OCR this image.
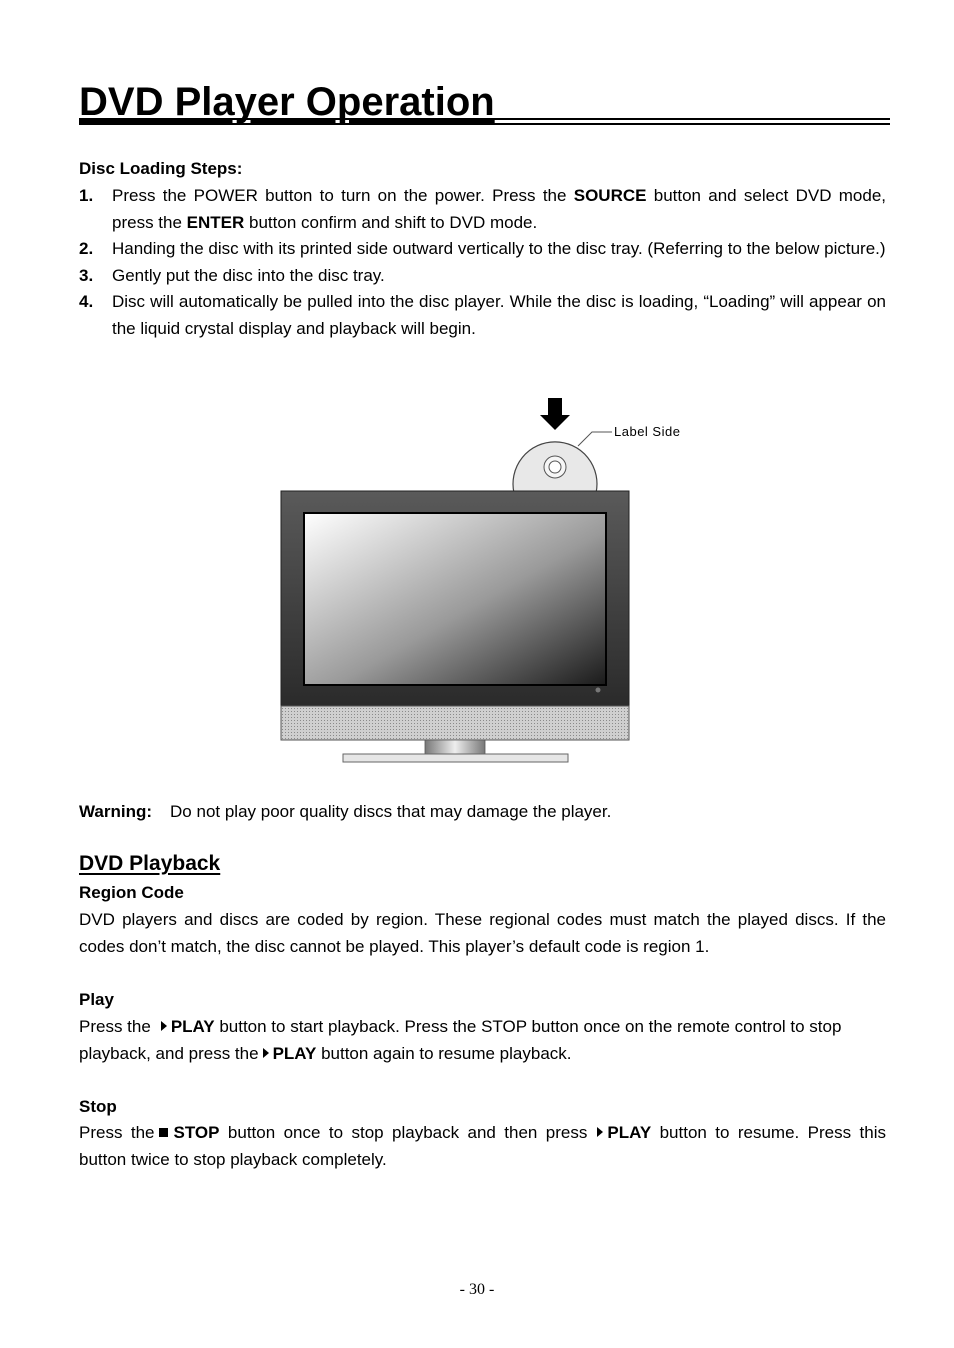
DVD Player Operation
Disc Loading Steps:
1. Press the POWER button to turn on the power. Press the SOURCE button and select DVD mode, press the ENTER button confirm and shift to DVD mode.
2. Handing the disc with its printed side outward vertically to the disc tray. (Referring to the below picture.)
3. Gently put the disc into the disc tray.
4. Disc will automatically be pulled into the disc player. While the disc is loading, “Loading” will appear on the liquid crystal display and playback will begin.
Label Side
Warning: Do not play poor quality discs that may damage the player.
DVD Playback
Region Code
DVD players and discs are coded by region. These regional codes must match the played discs. If the codes don’t match, the disc cannot be played. This player’s default code is region 1.
Play
Press the PLAY button to start playback. Press the STOP button once on the remote control to stop playback, and press the PLAY button again to resume playback.
Stop
Press the STOP button once to stop playback and then press PLAY button to resume. Press this button twice to stop playback completely.
- 30 -
